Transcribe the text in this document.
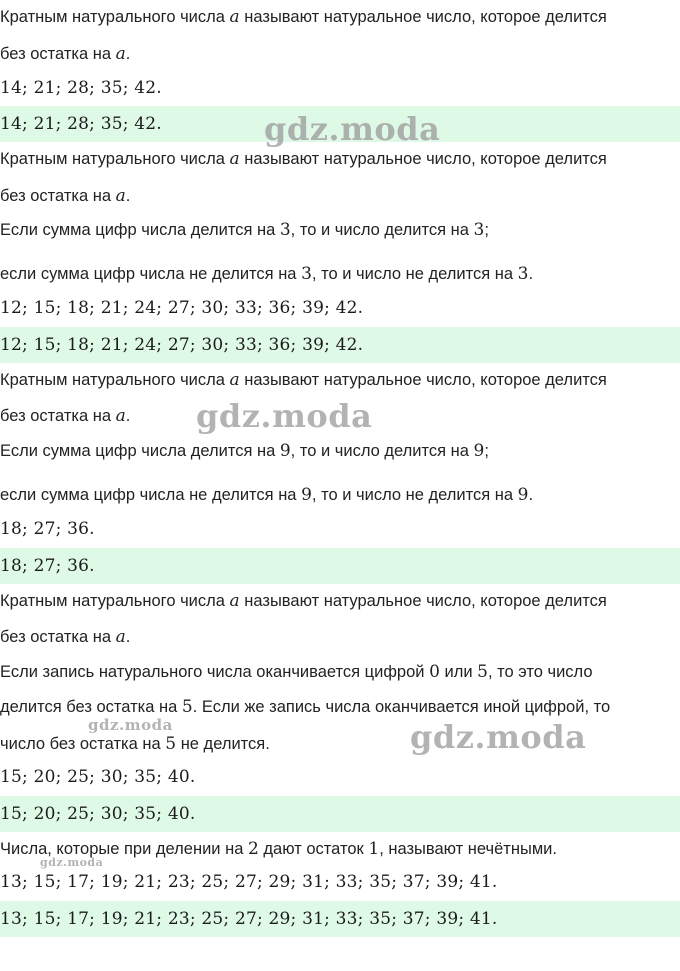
Кратным натурального числа a называют натуральное число, которое делится
без остатка на a.
14; 21; 28; 35; 42.
14; 21; 28; 35; 42.
Кратным натурального числа a называют натуральное число, которое делится
без остатка на a.
Если сумма цифр числа делится на 3, то и число делится на 3;
если сумма цифр числа не делится на 3, то и число не делится на 3.
12; 15; 18; 21; 24; 27; 30; 33; 36; 39; 42.
12; 15; 18; 21; 24; 27; 30; 33; 36; 39; 42.
Кратным натурального числа a называют натуральное число, которое делится
без остатка на a.
Если сумма цифр числа делится на 9, то и число делится на 9;
если сумма цифр числа не делится на 9, то и число не делится на 9.
18; 27; 36.
18; 27; 36.
Кратным натурального числа a называют натуральное число, которое делится
без остатка на a.
Если запись натурального числа оканчивается цифрой 0 или 5, то это число
делится без остатка на 5. Если же запись числа оканчивается иной цифрой, то
число без остатка на 5 не делится.
15; 20; 25; 30; 35; 40.
15; 20; 25; 30; 35; 40.
Числа, которые при делении на 2 дают остаток 1, называют нечётными.
13; 15; 17; 19; 21; 23; 25; 27; 29; 31; 33; 35; 37; 39; 41.
13; 15; 17; 19; 21; 23; 25; 27; 29; 31; 33; 35; 37; 39; 41.
gdz.moda
gdz.moda
gdz.moda
gdz.moda
gdz.moda
